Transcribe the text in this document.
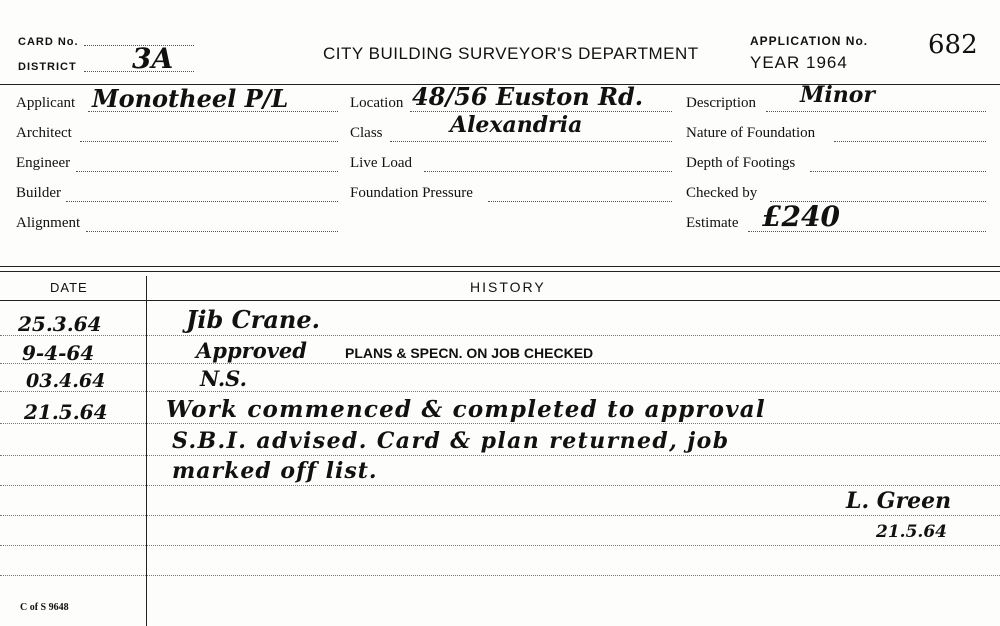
CARD No.
DISTRICT 3A	CITY BUILDING SURVEYOR'S DEPARTMENT
APPLICATION No. 682
YEAR 1964
Applicant Monotheel P/L
Architect
Engineer
Builder
Alignment
Location 48/56 Euston Rd.
Class	Alexandria
Live Load
Foundation Pressure
Description Minor
Nature of Foundation
Depth of Footings
Checked by
Estimate £240
DATE	HISTORY
25.3.64	Jib Crane.
9-4-64	Approved	PLANS & SPECN. ON JOB CHECKED
03.4.64	N.S.
21.5.64	Work commenced & completed to approval
S.B.I. advised. Card & plan returned, job
marked off list.
L. Green
21.5.64
C of S 9648
